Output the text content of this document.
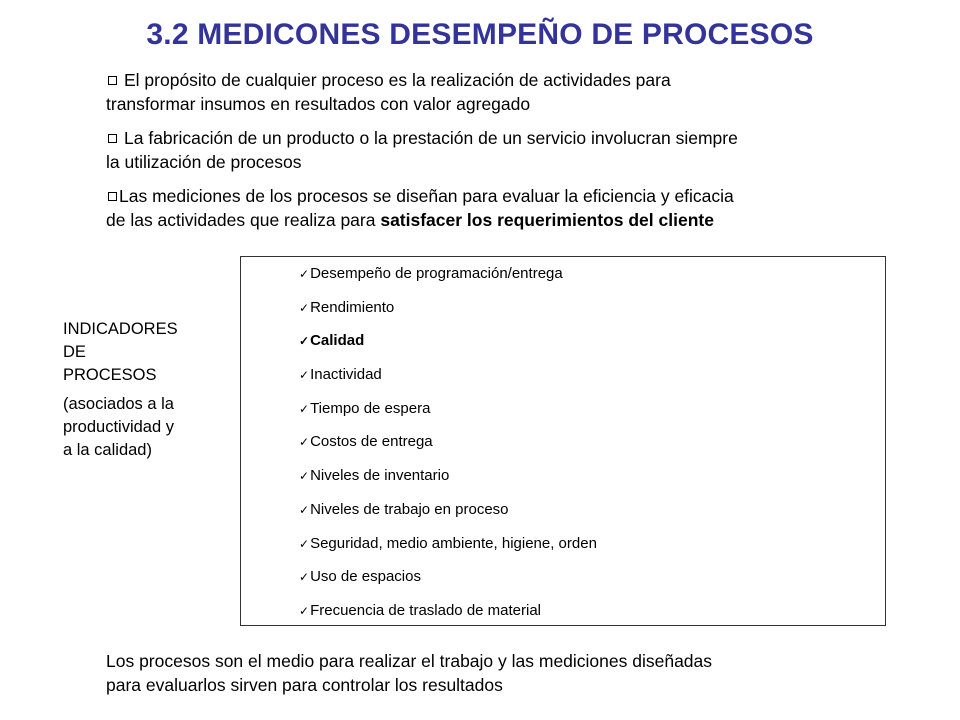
3.2 MEDICONES DESEMPEÑO DE PROCESOS

El propósito de cualquier proceso es la realización de actividades para
transformar insumos en resultados con valor agregado

La fabricación de un producto o la prestación de un servicio involucran siempre
la utilización de procesos

Las mediciones de los procesos se diseñan para evaluar la eficiencia y eficacia
de las actividades que realiza para satisfacer los requerimientos del cliente

INDICADORES
DE
PROCESOS

(asociados a la
productividad y
a la calidad)

✓Desempeño de programación/entrega
✓Rendimiento
✓Calidad
✓Inactividad
✓Tiempo de espera
✓Costos de entrega
✓Niveles de inventario
✓Niveles de trabajo en proceso
✓Seguridad, medio ambiente, higiene, orden
✓Uso de espacios
✓Frecuencia de traslado de material
Los procesos son el medio para realizar el trabajo y las mediciones diseñadas
para evaluarlos sirven para controlar los resultados
